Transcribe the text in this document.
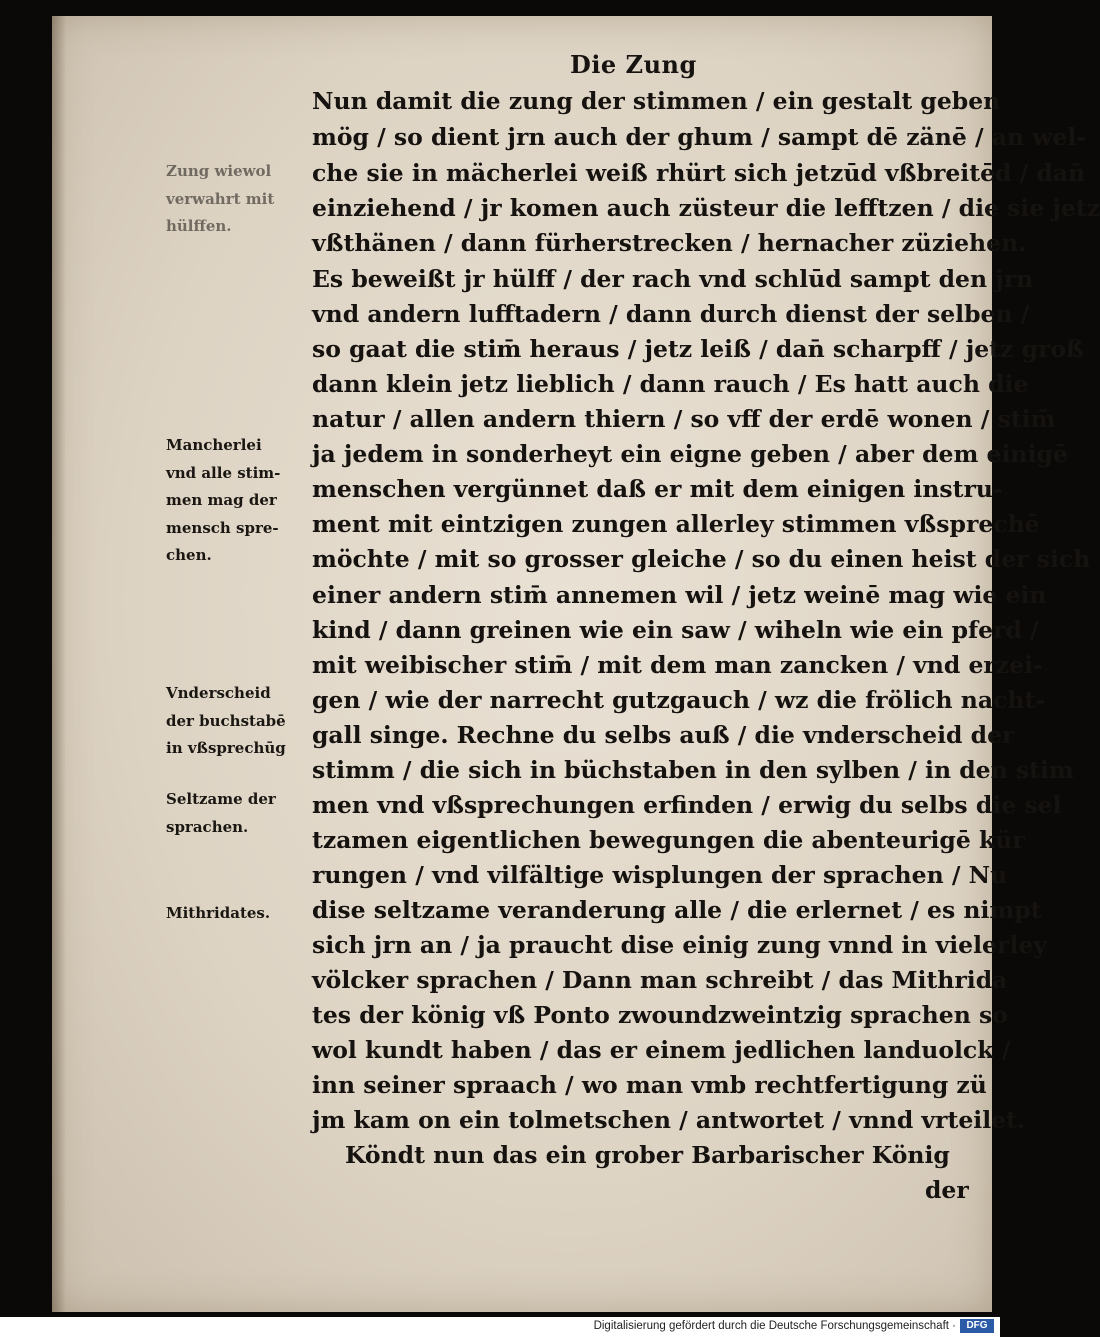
Die Zung
Nun damit die zung der stimmen / ein gestalt geben
mög / so dient jrn auch der ghum / sampt dē zänē / an wel-
che sie in mächerlei weiß rhürt sich jetzūd vßbreitēd / dan̄
einziehend / jr komen auch züsteur die lefftzen / die sie jetz
vßthänen / dann fürherstrecken / hernacher züziehen.
Es beweißt jr hülff / der rach vnd schlūd sampt den jrn
vnd andern lufftadern / dann durch dienst der selben /
so gaat die stim̄ heraus / jetz leiß / dan̄ scharpff / jetz groß
dann klein jetz lieblich / dann rauch / Es hatt auch die
natur / allen andern thiern / so vff der erdē wonen / stim̄
ja jedem in sonderheyt ein eigne geben / aber dem einigē
menschen vergünnet daß er mit dem einigen instru-
ment mit eintzigen zungen allerley stimmen vßsprechē
möchte / mit so grosser gleiche / so du einen heist der sich
einer andern stim̄ annemen wil / jetz weinē mag wie ein
kind / dann greinen wie ein saw / wiheln wie ein pferd /
mit weibischer stim̄ / mit dem man zancken / vnd erzei-
gen / wie der narrecht gutzgauch / wz die frölich nacht-
gall singe. Rechne du selbs auß / die vnderscheid der
stimm / die sich in büchstaben in den sylben / in den stim
men vnd vßsprechungen erfinden / erwig du selbs die sel
tzamen eigentlichen bewegungen die abenteurigē kür
rungen / vnd vilfältige wisplungen der sprachen / Nu
dise seltzame veranderung alle / die erlernet / es nimpt
sich jrn an / ja praucht dise einig zung vnnd in vielerley
völcker sprachen / Dann man schreibt / das Mithrida
tes der könig vß Ponto zwoundzweintzig sprachen so
wol kundt haben / das er einem jedlichen landuolck /
inn seiner spraach / wo man vmb rechtfertigung zü
jm kam on ein tolmetschen / antwortet / vnnd vrteilet.
Köndt nun das ein grober Barbarischer König
der
Zung wiewol
verwahrt mit
hülffen.
Mancherlei
vnd alle stim-
men mag der
mensch spre-
chen.
Vnderscheid
der buchstabē
in vßsprechūg
Seltzame der
sprachen.
Mithridates.
Digitalisierung gefördert durch die Deutsche Forschungsgemeinschaft ·	DFG
